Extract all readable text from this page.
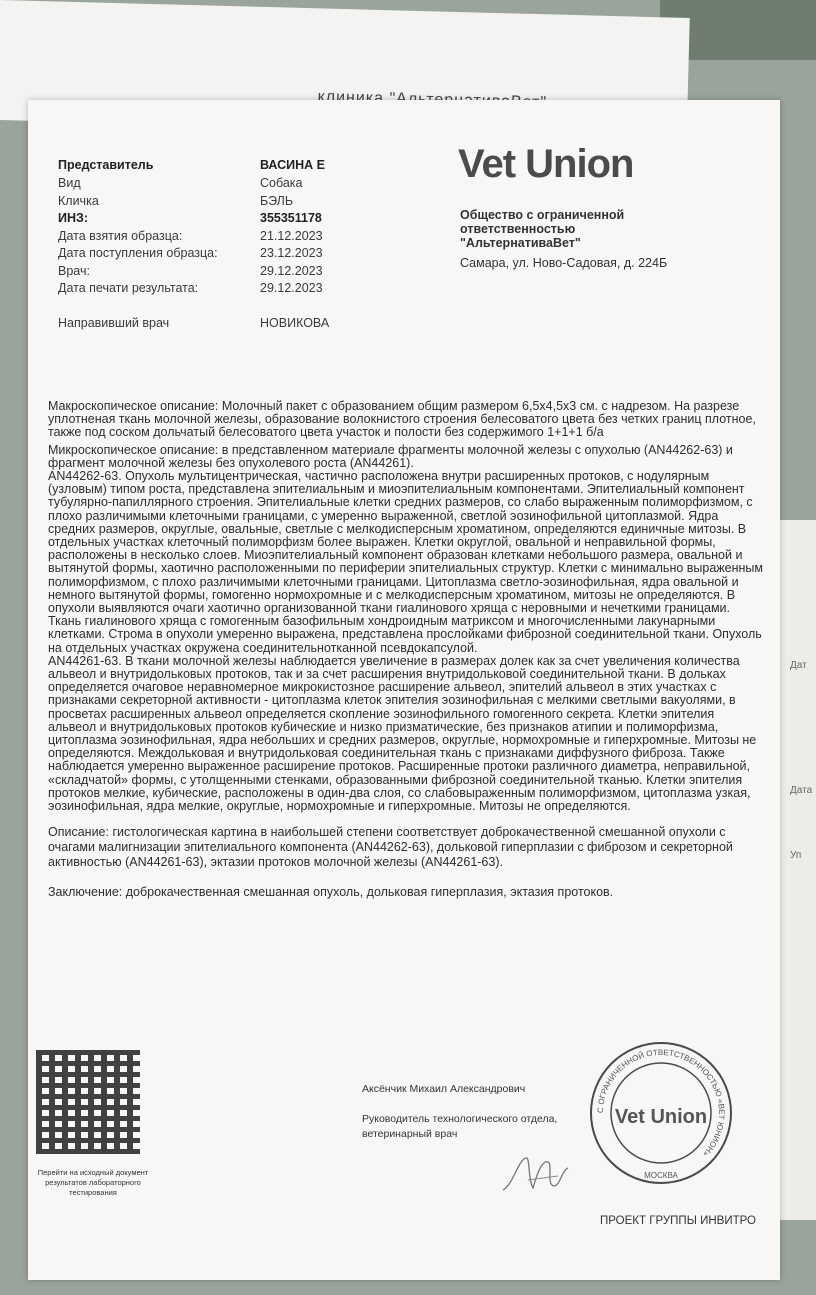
Дат
Дата
Уп
Представитель	ВАСИНА Е
Вид	Собака
Кличка	БЭЛЬ
ИНЗ:	355351178
Дата взятия образца:	21.12.2023
Дата поступления образца:	23.12.2023
Врач:	29.12.2023
Дата печати результата:	29.12.2023
Направивший врач	НОВИКОВА
Vet Union
Общество с ограниченной ответственностью "АльтернативаВет"
Самара, ул. Ново-Садовая, д. 224Б

Макроскопическое описание: Молочный пакет с образованием общим размером 6,5х4,5х3 см. с надрезом. На разрезе уплотненая ткань молочной железы, образование волокнистого строения белесоватого цвета без четких границ плотное, также под соском дольчатый белесоватого цвета участок и полости без содержимого 1+1+1 б/а

Микроскопическое описание: в представленном материале фрагменты молочной железы с опухолью (AN44262-63) и фрагмент молочной железы без опухолевого роста (AN44261).

AN44262-63. Опухоль мультицентрическая, частично расположена внутри расширенных протоков, с нодулярным (узловым) типом роста, представлена эпителиальным и миоэпителиальным компонентами. Эпителиальный компонент тубулярно-папиллярного строения. Эпителиальные клетки средних размеров, со слабо выраженным полиморфизмом, с плохо различимыми клеточными границами, с умеренно выраженной, светлой эозинофильной цитоплазмой. Ядра средних размеров, округлые, овальные, светлые с мелкодисперсным хроматином, определяются единичные митозы. В отдельных участках клеточный полиморфизм более выражен. Клетки округлой, овальной и неправильной формы, расположены в несколько слоев. Миоэпителиальный компонент образован клетками небольшого размера, овальной и вытянутой формы, хаотично расположенными по периферии эпителиальных структур. Клетки с минимально выраженным полиморфизмом, с плохо различимыми клеточными границами. Цитоплазма светло-эозинофильная, ядра овальной и немного вытянутой формы, гомогенно нормохромные и с мелкодисперсным хроматином, митозы не определяются. В опухоли выявляются очаги хаотично организованной ткани гиалинового хряща с неровными и нечеткими границами. Ткань гиалинового хряща с гомогенным базофильным хондроидным матриксом и многочисленными лакунарными клетками. Строма в опухоли умеренно выражена, представлена прослойками фиброзной соединительной ткани. Опухоль на отдельных участках окружена соединительнотканной псевдокапсулой.

AN44261-63. В ткани молочной железы наблюдается увеличение в размерах долек как за счет увеличения количества альвеол и внутридольковых протоков, так и за счет расширения внутридольковой соединительной ткани. В дольках определяется очаговое неравномерное микрокистозное расширение альвеол, эпителий альвеол в этих участках с признаками секреторной активности - цитоплазма клеток эпителия эозинофильная с мелкими светлыми вакуолями, в просветах расширенных альвеол определяется скопление эозинофильного гомогенного секрета. Клетки эпителия альвеол и внутридольковых протоков кубические и низко призматические, без признаков атипии и полиморфизма, цитоплазма эозинофильная, ядра небольших и средних размеров, округлые, нормохромные и гиперхромные. Митозы не определяются. Междольковая и внутридольковая соединительная ткань с признаками диффузного фиброза. Также наблюдается умеренно выраженное расширение протоков. Расширенные протоки различного диаметра, неправильной, «складчатой» формы, с утолщенными стенками, образованными фиброзной соединительной тканью. Клетки эпителия протоков мелкие, кубические, расположены в один-два слоя, со слабовыраженным полиморфизмом, цитоплазма узкая, эозинофильная, ядра мелкие, округлые, нормохромные и гиперхромные. Митозы не определяются.

Описание: гистологическая картина в наибольшей степени соответствует доброкачественной смешанной опухоли с очагами малигнизации эпителиального компонента (AN44262-63), дольковой гиперплазии с фиброзом и секреторной активностью (AN44261-63), эктазии протоков молочной железы (AN44261-63).

Заключение: доброкачественная смешанная опухоль, дольковая гиперплазия, эктазия протоков.

Перейти на исходный документ результатов лабораторного тестирования
Аксёнчик Михаил Александрович
Руководитель технологического отдела, ветеринарный врач
С ОГРАНИЧЕННОЙ ОТВЕТСТВЕННОСТЬЮ «ВЕТ ЮНИОН»
Vet Union
МОСКВА
ПРОЕКТ ГРУППЫ ИНВИТРО
